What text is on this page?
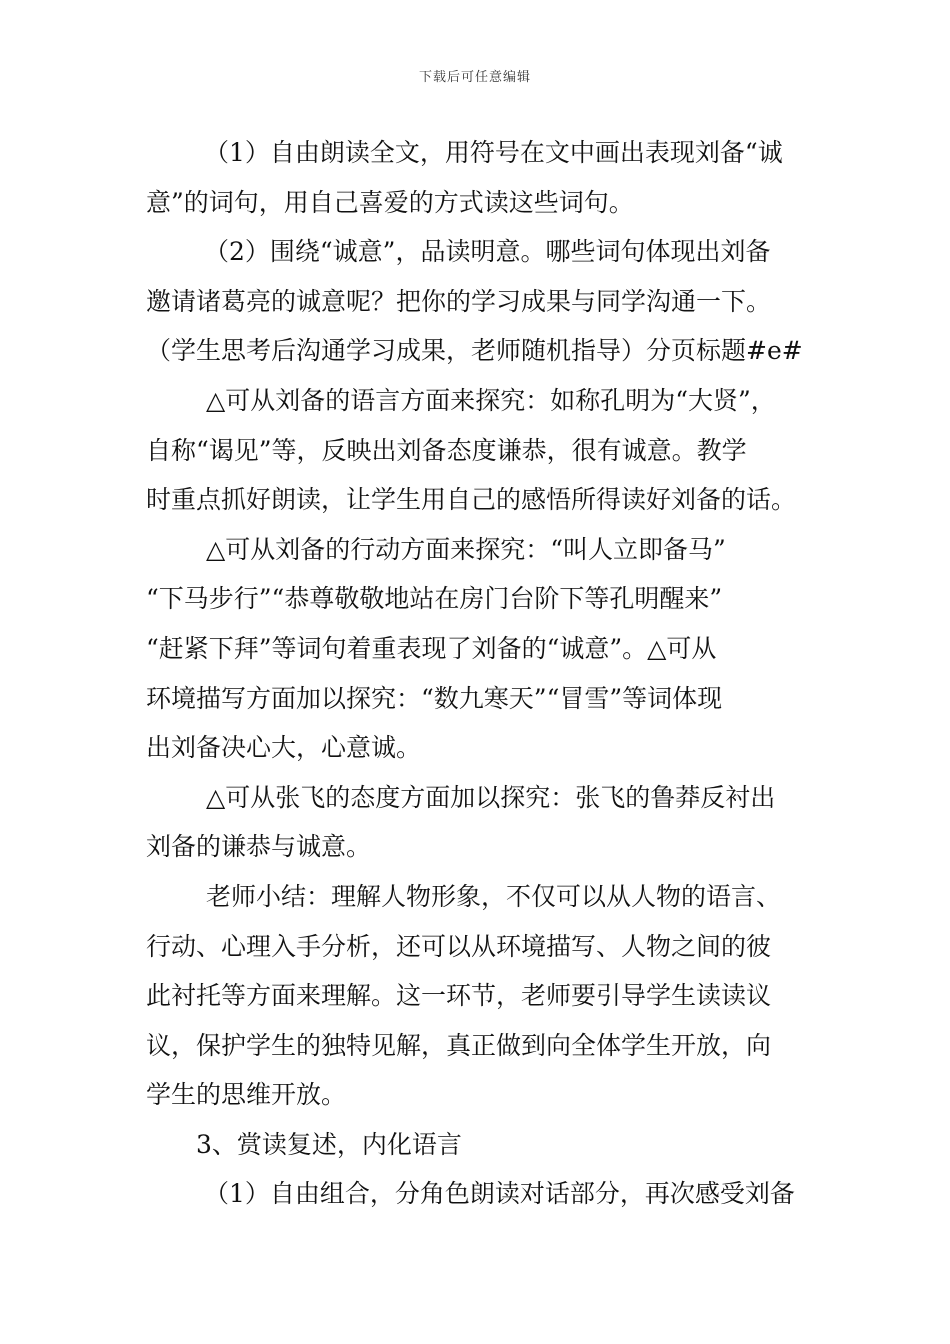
下载后可任意编辑
（1）自由朗读全文，用符号在文中画出表现刘备“诚
意”的词句，用自己喜爱的方式读这些词句。
（2）围绕“诚意”，品读明意。哪些词句体现出刘备
邀请诸葛亮的诚意呢？把你的学习成果与同学沟通一下。
（学生思考后沟通学习成果，老师随机指导）分页标题#e#
△可从刘备的语言方面来探究：如称孔明为“大贤”，
自称“谒见”等，反映出刘备态度谦恭，很有诚意。教学
时重点抓好朗读，让学生用自己的感悟所得读好刘备的话。
△可从刘备的行动方面来探究：“叫人立即备马”
“下马步行”“恭尊敬敬地站在房门台阶下等孔明醒来”
“赶紧下拜”等词句着重表现了刘备的“诚意”。△可从
环境描写方面加以探究：“数九寒天”“冒雪”等词体现
出刘备决心大，心意诚。
△可从张飞的态度方面加以探究：张飞的鲁莽反衬出
刘备的谦恭与诚意。
老师小结：理解人物形象，不仅可以从人物的语言、
行动、心理入手分析，还可以从环境描写、人物之间的彼
此衬托等方面来理解。这一环节，老师要引导学生读读议
议，保护学生的独特见解，真正做到向全体学生开放，向
学生的思维开放。
3、赏读复述，内化语言
（1）自由组合，分角色朗读对话部分，再次感受刘备
